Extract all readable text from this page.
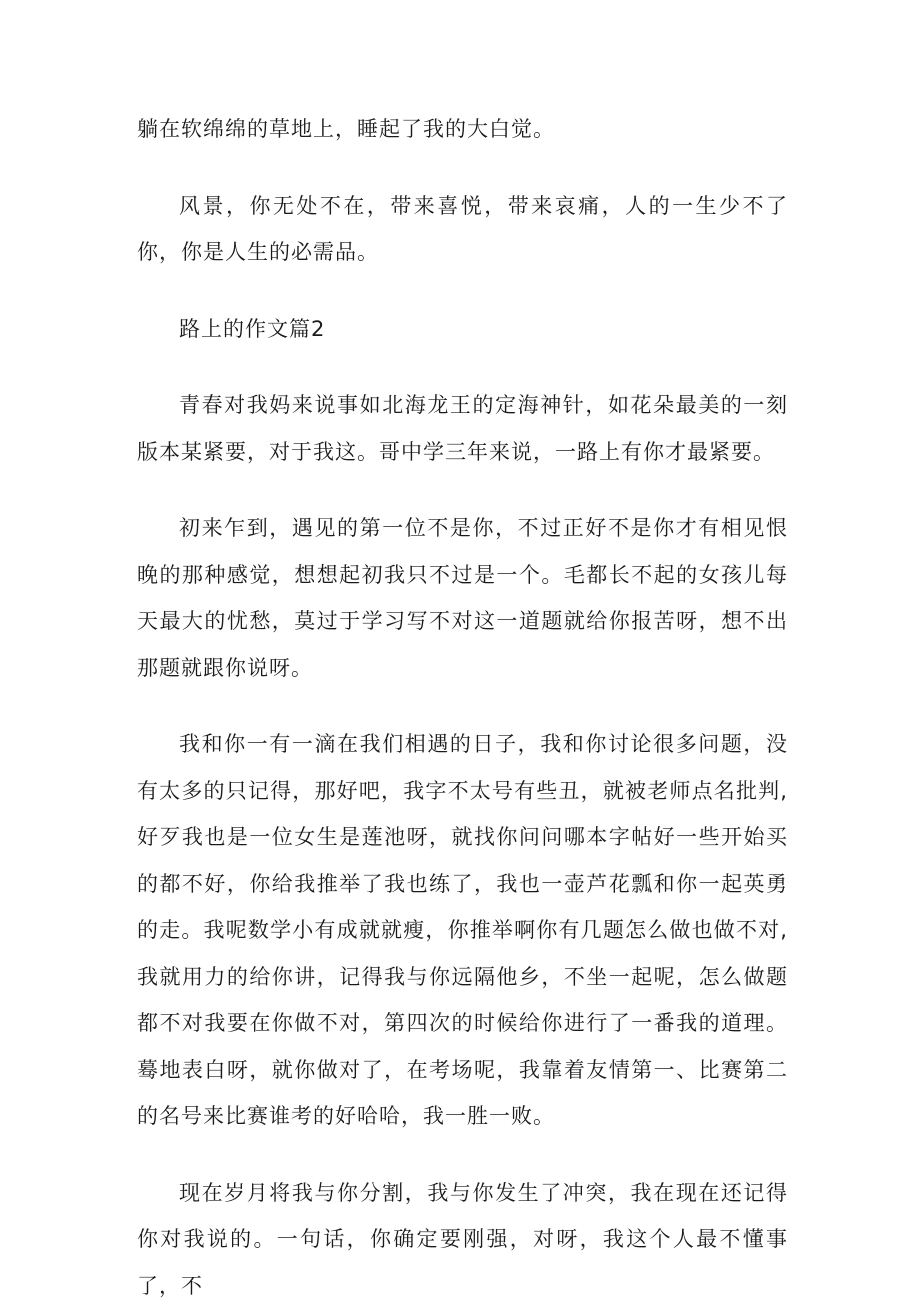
躺在软绵绵的草地上，睡起了我的大白觉。

风景，你无处不在，带来喜悦，带来哀痛，人的一生少不了你，你是人生的必需品。

路上的作文篇2

青春对我妈来说事如北海龙王的定海神针，如花朵最美的一刻版本某紧要，对于我这。哥中学三年来说，一路上有你才最紧要。

初来乍到，遇见的第一位不是你，不过正好不是你才有相见恨晚的那种感觉，想想起初我只不过是一个。毛都长不起的女孩儿每天最大的忧愁，莫过于学习写不对这一道题就给你报苦呀，想不出那题就跟你说呀。

我和你一有一滴在我们相遇的日子，我和你讨论很多问题，没有太多的只记得，那好吧，我字不太号有些丑，就被老师点名批判,好歹我也是一位女生是莲池呀，就找你问问哪本字帖好一些开始买的都不好，你给我推举了我也练了，我也一壶芦花瓢和你一起英勇的走。我呢数学小有成就就瘦，你推举啊你有几题怎么做也做不对,我就用力的给你讲，记得我与你远隔他乡，不坐一起呢，怎么做题都不对我要在你做不对，第四次的时候给你进行了一番我的道理。蓦地表白呀，就你做对了，在考场呢，我靠着友情第一、比赛第二的名号来比赛谁考的好哈哈，我一胜一败。

现在岁月将我与你分割，我与你发生了冲突，我在现在还记得你对我说的。一句话，你确定要刚强，对呀，我这个人最不懂事了，不
